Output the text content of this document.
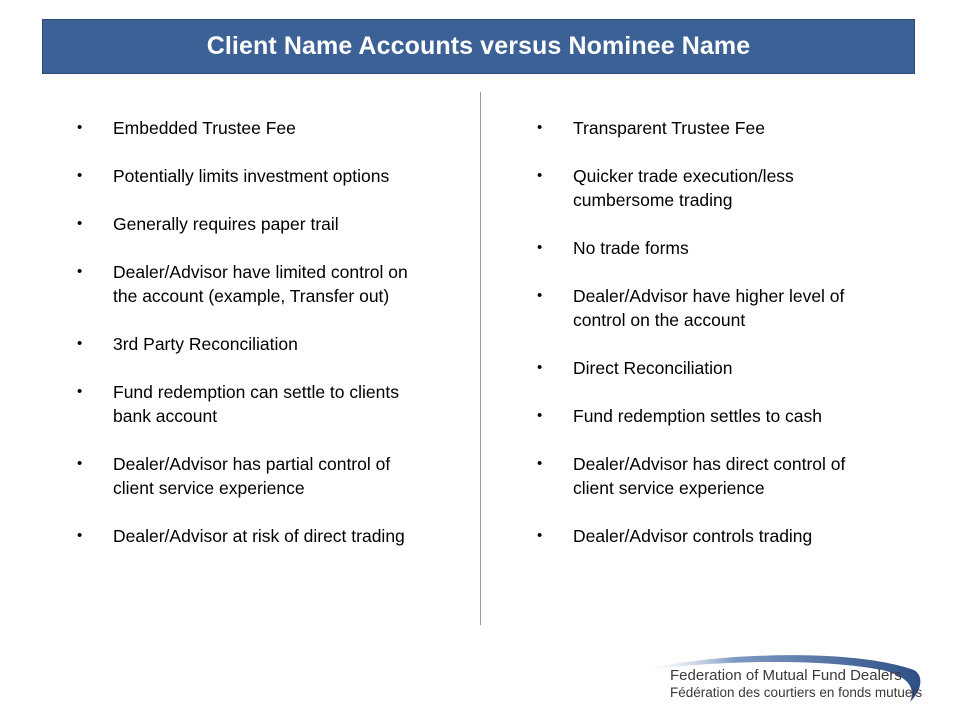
Client Name Accounts versus Nominee Name
• Embedded Trustee Fee
• Potentially limits investment options
• Generally requires paper trail
• Dealer/Advisor have limited control on the account (example, Transfer out)
• 3rd Party Reconciliation
• Fund redemption can settle to clients bank account
• Dealer/Advisor has partial control of client service experience
• Dealer/Advisor at risk of direct trading
• Transparent Trustee Fee
• Quicker trade execution/less cumbersome trading
• No trade forms
• Dealer/Advisor have higher level of control on the account
• Direct Reconciliation
• Fund redemption settles to cash
• Dealer/Advisor has direct control of client service experience
• Dealer/Advisor controls trading
Federation of Mutual Fund Dealers
Fédération des courtiers en fonds mutuels
